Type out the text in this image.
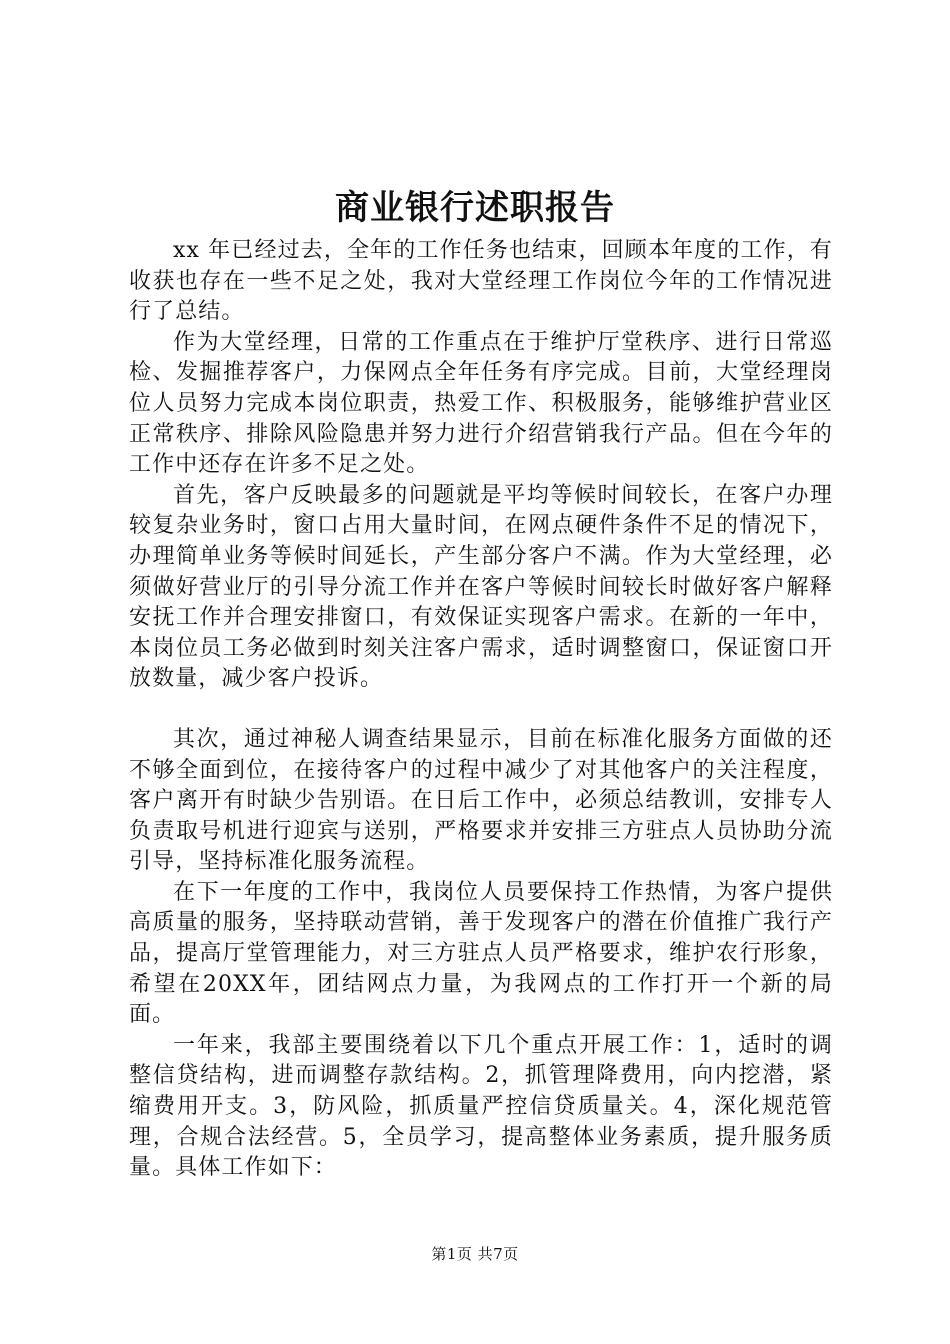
商业银行述职报告

xx 年已经过去，全年的工作任务也结束，回顾本年度的工作，有收获也存在一些不足之处，我对大堂经理工作岗位今年的工作情况进行了总结。

作为大堂经理，日常的工作重点在于维护厅堂秩序、进行日常巡检、发掘推荐客户，力保网点全年任务有序完成。目前，大堂经理岗位人员努力完成本岗位职责，热爱工作、积极服务，能够维护营业区正常秩序、排除风险隐患并努力进行介绍营销我行产品。但在今年的工作中还存在许多不足之处。

首先，客户反映最多的问题就是平均等候时间较长，在客户办理较复杂业务时，窗口占用大量时间，在网点硬件条件不足的情况下，办理简单业务等候时间延长，产生部分客户不满。作为大堂经理，必须做好营业厅的引导分流工作并在客户等候时间较长时做好客户解释安抚工作并合理安排窗口，有效保证实现客户需求。在新的一年中，本岗位员工务必做到时刻关注客户需求，适时调整窗口，保证窗口开放数量，减少客户投诉。

其次，通过神秘人调查结果显示，目前在标准化服务方面做的还不够全面到位，在接待客户的过程中减少了对其他客户的关注程度，客户离开有时缺少告别语。在日后工作中，必须总结教训，安排专人负责取号机进行迎宾与送别，严格要求并安排三方驻点人员协助分流引导，坚持标准化服务流程。

在下一年度的工作中，我岗位人员要保持工作热情，为客户提供高质量的服务，坚持联动营销，善于发现客户的潜在价值推广我行产品，提高厅堂管理能力，对三方驻点人员严格要求，维护农行形象，希望在20XX年，团结网点力量，为我网点的工作打开一个新的局面。

一年来，我部主要围绕着以下几个重点开展工作：1，适时的调整信贷结构，进而调整存款结构。2，抓管理降费用，向内挖潜，紧缩费用开支。3，防风险，抓质量严控信贷质量关。4，深化规范管理，合规合法经营。5，全员学习，提高整体业务素质，提升服务质量。具体工作如下：

第1页 共7页
